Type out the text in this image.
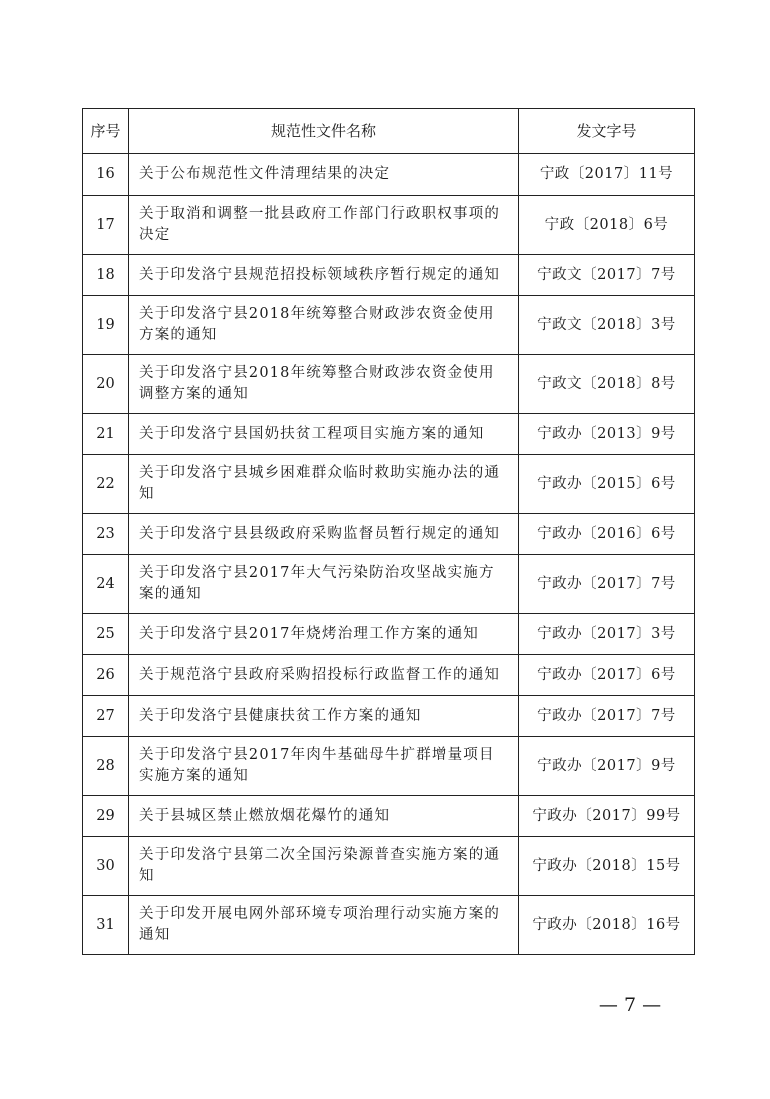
序号	规范性文件名称	发文字号
16	关于公布规范性文件清理结果的决定	宁政〔2017〕11号
17	关于取消和调整一批县政府工作部门行政职权事项的决定	宁政〔2018〕6号
18	关于印发洛宁县规范招投标领域秩序暂行规定的通知	宁政文〔2017〕7号
19	关于印发洛宁县2018年统筹整合财政涉农资金使用方案的通知	宁政文〔2018〕3号
20	关于印发洛宁县2018年统筹整合财政涉农资金使用调整方案的通知	宁政文〔2018〕8号
21	关于印发洛宁县国奶扶贫工程项目实施方案的通知	宁政办〔2013〕9号
22	关于印发洛宁县城乡困难群众临时救助实施办法的通知	宁政办〔2015〕6号
23	关于印发洛宁县县级政府采购监督员暂行规定的通知	宁政办〔2016〕6号
24	关于印发洛宁县2017年大气污染防治攻坚战实施方案的通知	宁政办〔2017〕7号
25	关于印发洛宁县2017年烧烤治理工作方案的通知	宁政办〔2017〕3号
26	关于规范洛宁县政府采购招投标行政监督工作的通知	宁政办〔2017〕6号
27	关于印发洛宁县健康扶贫工作方案的通知	宁政办〔2017〕7号
28	关于印发洛宁县2017年肉牛基础母牛扩群增量项目实施方案的通知	宁政办〔2017〕9号
29	关于县城区禁止燃放烟花爆竹的通知	宁政办〔2017〕99号
30	关于印发洛宁县第二次全国污染源普查实施方案的通知	宁政办〔2018〕15号
31	关于印发开展电网外部环境专项治理行动实施方案的通知	宁政办〔2018〕16号
— 7 —
